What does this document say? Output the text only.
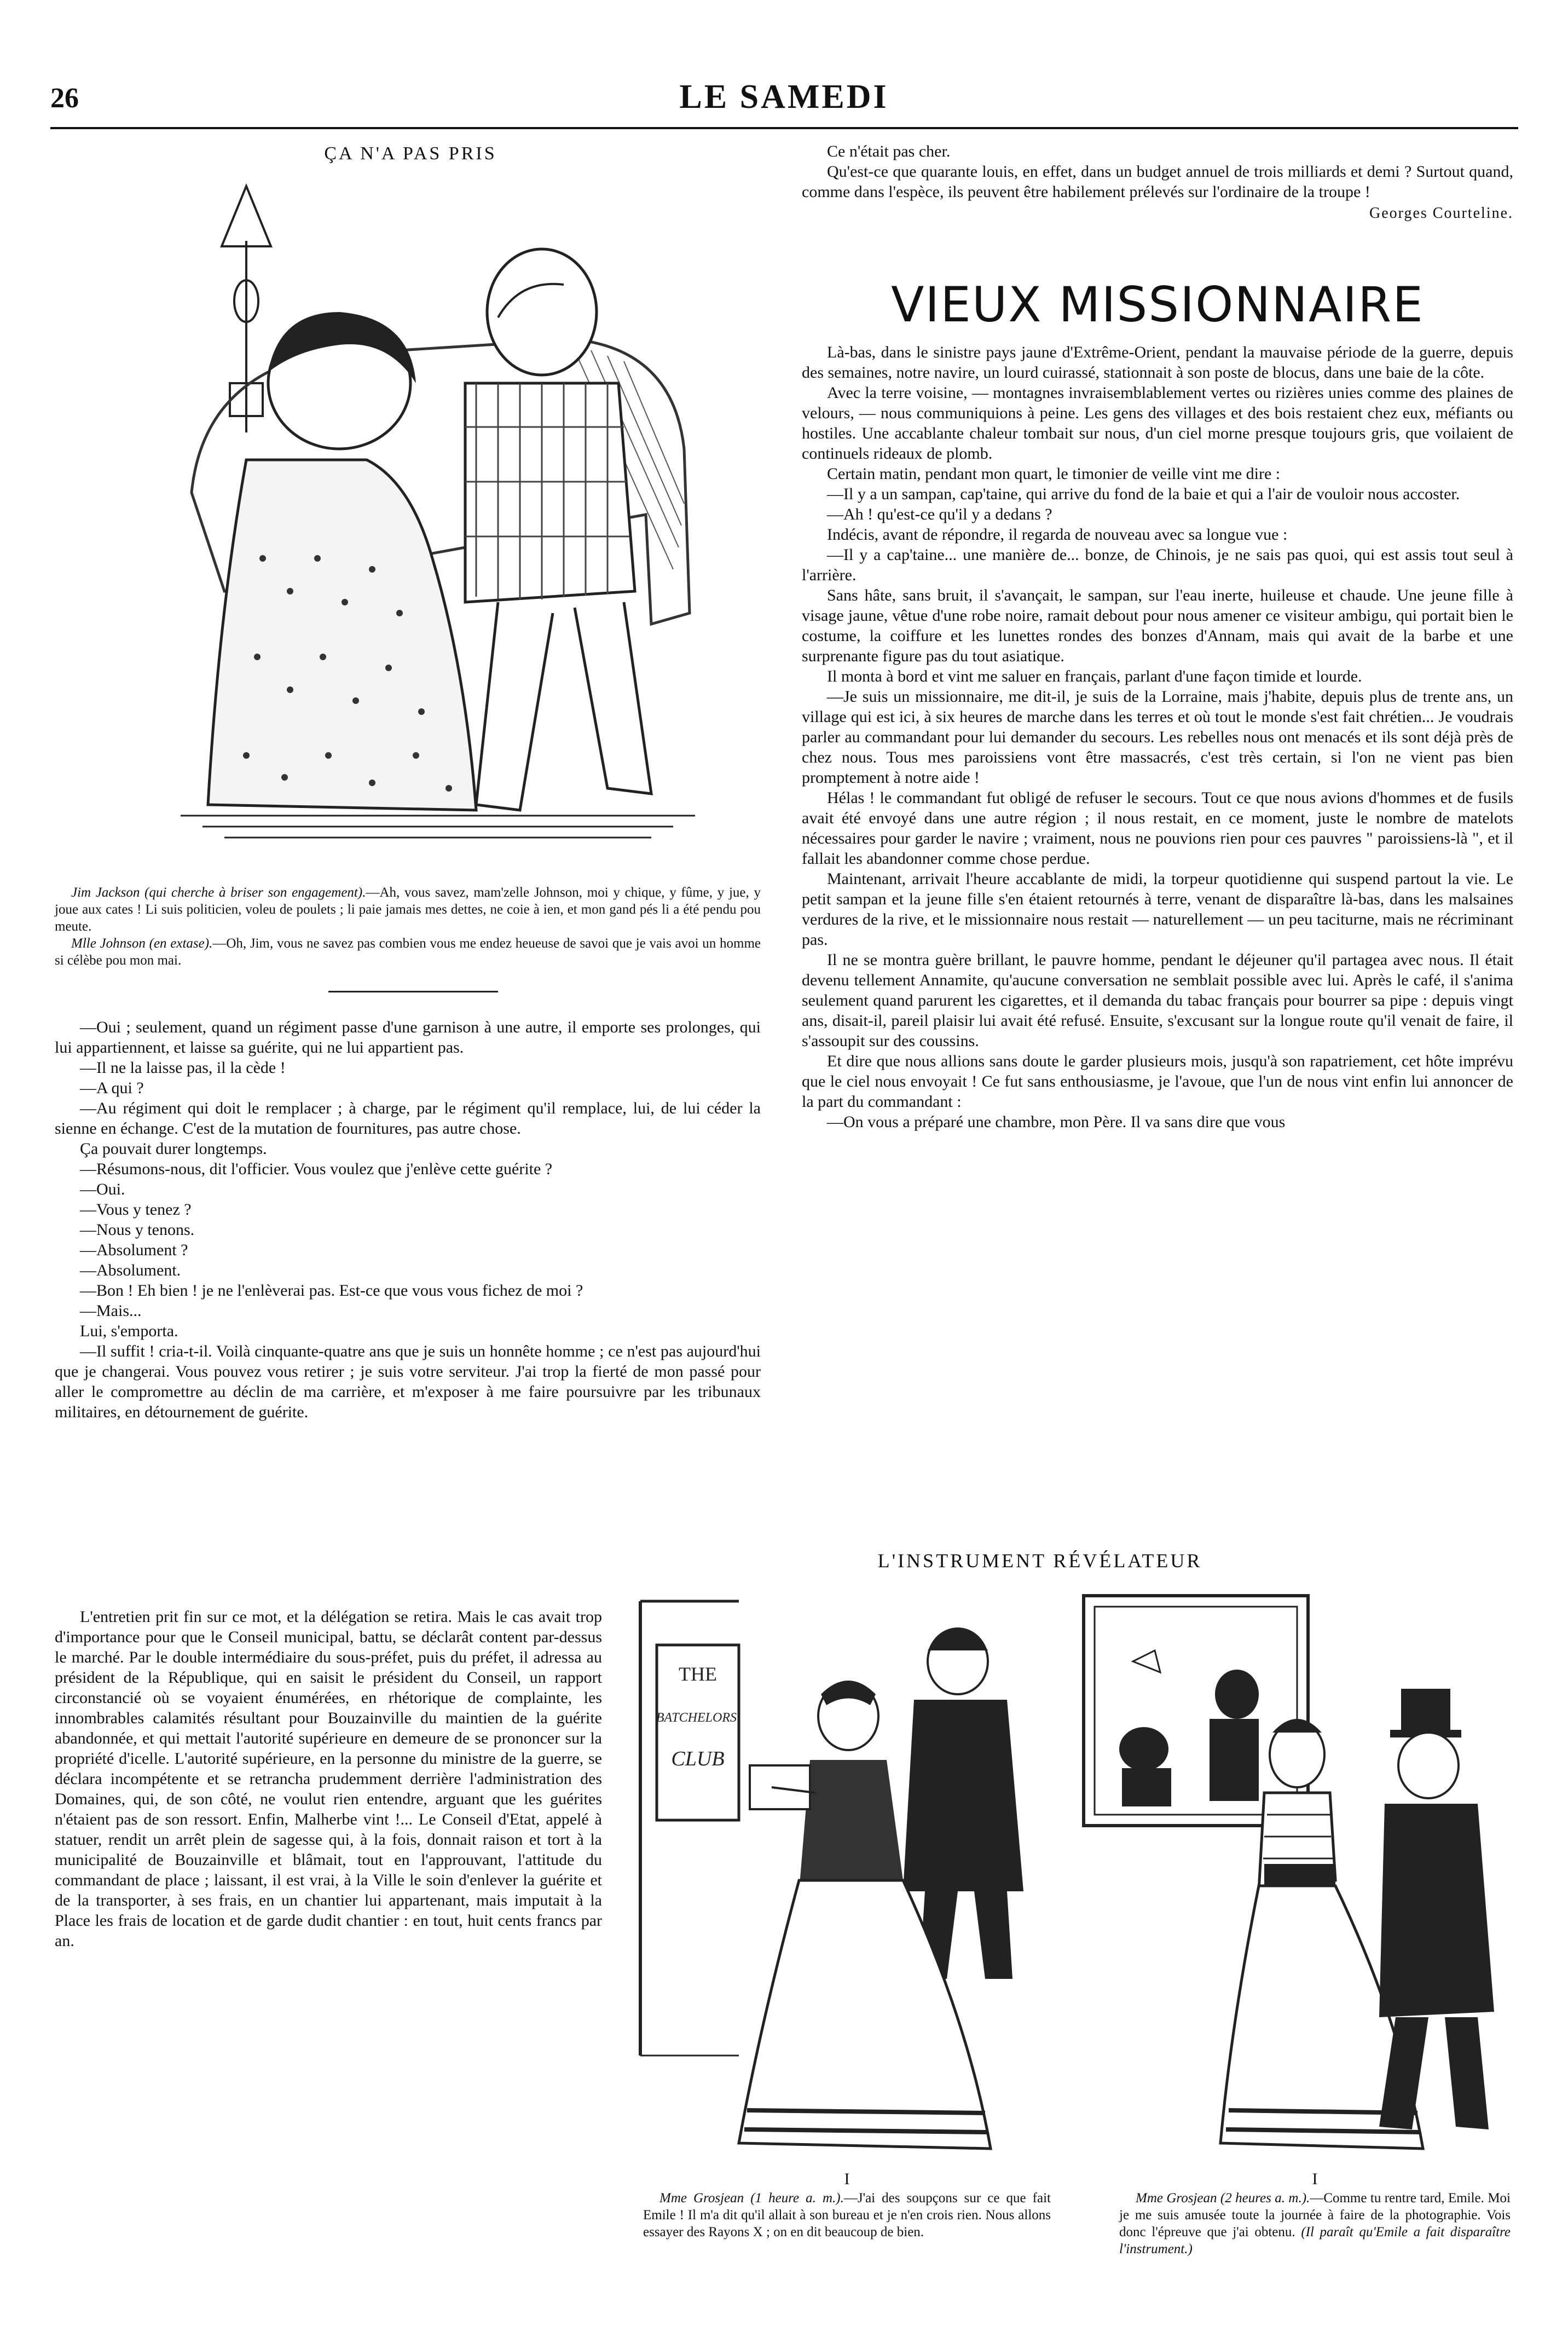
26	LE SAMEDI
ÇA N'A PAS PRIS

Jim Jackson (qui cherche à briser son engagement).—Ah, vous savez, mam'zelle Johnson, moi y chique, y fûme, y jue, y joue aux cates ! Li suis politicien, voleu de poulets ; li paie jamais mes dettes, ne coie à ien, et mon gand pés li a été pendu pou meute.

Mlle Johnson (en extase).—Oh, Jim, vous ne savez pas combien vous me endez heueuse de savoi que je vais avoi un homme si célèbe pou mon mai.

—Oui ; seulement, quand un régiment passe d'une garnison à une autre, il emporte ses prolonges, qui lui appartiennent, et laisse sa guérite, qui ne lui appartient pas.

—Il ne la laisse pas, il la cède !

—A qui ?

—Au régiment qui doit le remplacer ; à charge, par le régiment qu'il remplace, lui, de lui céder la sienne en échange. C'est de la mutation de fournitures, pas autre chose.

Ça pouvait durer longtemps.

—Résumons-nous, dit l'officier. Vous voulez que j'enlève cette guérite ?

—Oui.

—Vous y tenez ?

—Nous y tenons.

—Absolument ?

—Absolument.

—Bon ! Eh bien ! je ne l'enlèverai pas. Est-ce que vous vous fichez de moi ?

—Mais...

Lui, s'emporta.

—Il suffit ! cria-t-il. Voilà cinquante-quatre ans que je suis un honnête homme ; ce n'est pas aujourd'hui que je changerai. Vous pouvez vous retirer ; je suis votre serviteur. J'ai trop la fierté de mon passé pour aller le compromettre au déclin de ma carrière, et m'exposer à me faire poursuivre par les tribunaux militaires, en détournement de guérite.

L'entretien prit fin sur ce mot, et la délégation se retira. Mais le cas avait trop d'importance pour que le Conseil municipal, battu, se déclarât content par-dessus le marché. Par le double intermédiaire du sous-préfet, puis du préfet, il adressa au président de la République, qui en saisit le président du Conseil, un rapport circonstancié où se voyaient énumérées, en rhétorique de complainte, les innombrables calamités résultant pour Bouzainville du maintien de la guérite abandonnée, et qui mettait l'autorité supérieure en demeure de se prononcer sur la propriété d'icelle. L'autorité supérieure, en la personne du ministre de la guerre, se déclara incompétente et se retrancha prudemment derrière l'administration des Domaines, qui, de son côté, ne voulut rien entendre, arguant que les guérites n'étaient pas de son ressort. Enfin, Malherbe vint !... Le Conseil d'Etat, appelé à statuer, rendit un arrêt plein de sagesse qui, à la fois, donnait raison et tort à la municipalité de Bouzainville et blâmait, tout en l'approuvant, l'attitude du commandant de place ; laissant, il est vrai, à la Ville le soin d'enlever la guérite et de la transporter, à ses frais, en un chantier lui appartenant, mais imputait à la Place les frais de location et de garde dudit chantier : en tout, huit cents francs par an.

Ce n'était pas cher.

Qu'est-ce que quarante louis, en effet, dans un budget annuel de trois milliards et demi ? Surtout quand, comme dans l'espèce, ils peuvent être habilement prélevés sur l'ordinaire de la troupe !

Georges Courteline.
VIEUX MISSIONNAIRE

Là-bas, dans le sinistre pays jaune d'Extrême-Orient, pendant la mauvaise période de la guerre, depuis des semaines, notre navire, un lourd cuirassé, stationnait à son poste de blocus, dans une baie de la côte.

Avec la terre voisine, — montagnes invraisemblablement vertes ou rizières unies comme des plaines de velours, — nous communiquions à peine. Les gens des villages et des bois restaient chez eux, méfiants ou hostiles. Une accablante chaleur tombait sur nous, d'un ciel morne presque toujours gris, que voilaient de continuels rideaux de plomb.

Certain matin, pendant mon quart, le timonier de veille vint me dire :

—Il y a un sampan, cap'taine, qui arrive du fond de la baie et qui a l'air de vouloir nous accoster.

—Ah ! qu'est-ce qu'il y a dedans ?

Indécis, avant de répondre, il regarda de nouveau avec sa longue vue :

—Il y a cap'taine... une manière de... bonze, de Chinois, je ne sais pas quoi, qui est assis tout seul à l'arrière.

Sans hâte, sans bruit, il s'avançait, le sampan, sur l'eau inerte, huileuse et chaude. Une jeune fille à visage jaune, vêtue d'une robe noire, ramait debout pour nous amener ce visiteur ambigu, qui portait bien le costume, la coiffure et les lunettes rondes des bonzes d'Annam, mais qui avait de la barbe et une surprenante figure pas du tout asiatique.

Il monta à bord et vint me saluer en français, parlant d'une façon timide et lourde.

—Je suis un missionnaire, me dit-il, je suis de la Lorraine, mais j'habite, depuis plus de trente ans, un village qui est ici, à six heures de marche dans les terres et où tout le monde s'est fait chrétien... Je voudrais parler au commandant pour lui demander du secours. Les rebelles nous ont menacés et ils sont déjà près de chez nous. Tous mes paroissiens vont être massacrés, c'est très certain, si l'on ne vient pas bien promptement à notre aide !

Hélas ! le commandant fut obligé de refuser le secours. Tout ce que nous avions d'hommes et de fusils avait été envoyé dans une autre région ; il nous restait, en ce moment, juste le nombre de matelots nécessaires pour garder le navire ; vraiment, nous ne pouvions rien pour ces pauvres " paroissiens-là ", et il fallait les abandonner comme chose perdue.

Maintenant, arrivait l'heure accablante de midi, la torpeur quotidienne qui suspend partout la vie. Le petit sampan et la jeune fille s'en étaient retournés à terre, venant de disparaître là-bas, dans les malsaines verdures de la rive, et le missionnaire nous restait — naturellement — un peu taciturne, mais ne récriminant pas.

Il ne se montra guère brillant, le pauvre homme, pendant le déjeuner qu'il partagea avec nous. Il était devenu tellement Annamite, qu'aucune conversation ne semblait possible avec lui. Après le café, il s'anima seulement quand parurent les cigarettes, et il demanda du tabac français pour bourrer sa pipe : depuis vingt ans, disait-il, pareil plaisir lui avait été refusé. Ensuite, s'excusant sur la longue route qu'il venait de faire, il s'assoupit sur des coussins.

Et dire que nous allions sans doute le garder plusieurs mois, jusqu'à son rapatriement, cet hôte imprévu que le ciel nous envoyait ! Ce fut sans enthousiasme, je l'avoue, que l'un de nous vint enfin lui annoncer de la part du commandant :

—On vous a préparé une chambre, mon Père. Il va sans dire que vous

L'INSTRUMENT RÉVÉLATEUR
THE
BATCHELORS'
CLUB
I

Mme Grosjean (1 heure a. m.).—J'ai des soupçons sur ce que fait Emile ! Il m'a dit qu'il allait à son bureau et je n'en crois rien. Nous allons essayer des Rayons X ; on en dit beaucoup de bien.

I

Mme Grosjean (2 heures a. m.).—Comme tu rentre tard, Emile. Moi je me suis amusée toute la journée à faire de la photographie. Vois donc l'épreuve que j'ai obtenu. (Il paraît qu'Emile a fait disparaître l'instrument.)
